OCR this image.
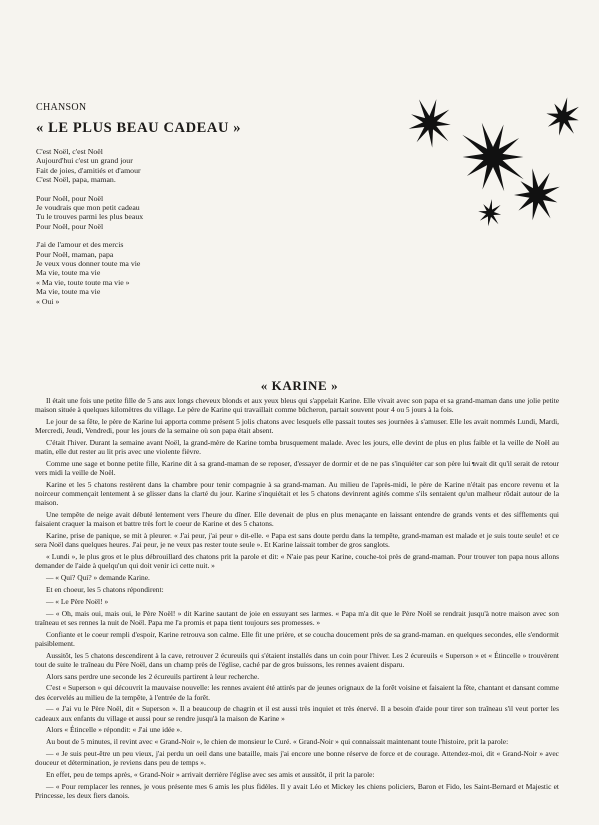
CHANSON
« LE PLUS BEAU CADEAU »
C'est Noël, c'est Noël
Aujourd'hui c'est un grand jour
Fait de joies, d'amitiés et d'amour
C'est Noël, papa, maman.
Pour Noël, pour Noël
Je voudrais que mon petit cadeau
Tu le trouves parmi les plus beaux
Pour Noël, pour Noël
J'ai de l'amour et des mercis
Pour Noël, maman, papa
Je veux vous donner toute ma vie
Ma vie, toute ma vie
« Ma vie, toute toute ma vie »
Ma vie, toute ma vie
« Oui »
« KARINE »

Il était une fois une petite fille de 5 ans aux longs cheveux blonds et aux yeux bleus qui s'appelait Karine. Elle vivait avec son papa et sa grand-maman dans une jolie petite maison située à quelques kilomètres du village. Le père de Karine qui travaillait comme bûcheron, partait souvent pour 4 ou 5 jours à la fois.

Le jour de sa fête, le père de Karine lui apporta comme présent 5 jolis chatons avec lesquels elle passait toutes ses journées à s'amuser. Elle les avait nommés Lundi, Mardi, Mercredi, Jeudi, Vendredi, pour les jours de la semaine où son papa était absent.

C'était l'hiver. Durant la semaine avant Noël, la grand-mère de Karine tomba brusquement malade. Avec les jours, elle devint de plus en plus faible et la veille de Noël au matin, elle dut rester au lit pris avec une violente fièvre.

Comme une sage et bonne petite fille, Karine dit à sa grand-maman de se reposer, d'essayer de dormir et de ne pas s'inquiéter car son père lui avait dit qu'il serait de retour vers midi la veille de Noël.

Karine et les 5 chatons restèrent dans la chambre pour tenir compagnie à sa grand-maman. Au milieu de l'après-midi, le père de Karine n'était pas encore revenu et la noirceur commençait lentement à se glisser dans la clarté du jour. Karine s'inquiétait et les 5 chatons devinrent agités comme s'ils sentaient qu'un malheur rôdait autour de la maison.

Une tempête de neige avait débuté lentement vers l'heure du dîner. Elle devenait de plus en plus menaçante en laissant entendre de grands vents et des sifflements qui faisaient craquer la maison et battre très fort le coeur de Karine et des 5 chatons.

Karine, prise de panique, se mit à pleurer. « J'ai peur, j'ai peur » dit-elle. « Papa est sans doute perdu dans la tempête, grand-maman est malade et je suis toute seule! et ce sera Noël dans quelques heures. J'ai peur, je ne veux pas rester toute seule ». Et Karine laissait tomber de gros sanglots.

« Lundi », le plus gros et le plus débrouillard des chatons prit la parole et dit: « N'aie pas peur Karine, couche-toi près de grand-maman. Pour trouver ton papa nous allons demander de l'aide à quelqu'un qui doit venir ici cette nuit. »

— « Qui? Qui? » demande Karine.

Et en choeur, les 5 chatons répondirent:

— « Le Père Noël! »

— « Oh, mais oui, mais oui, le Père Noël! » dit Karine sautant de joie en essuyant ses larmes. « Papa m'a dit que le Père Noël se rendrait jusqu'à notre maison avec son traîneau et ses rennes la nuit de Noël. Papa me l'a promis et papa tient toujours ses promesses. »

Confiante et le coeur rempli d'espoir, Karine retrouva son calme. Elle fit une prière, et se coucha doucement près de sa grand-maman. en quelques secondes, elle s'endormit paisiblement.

Aussitôt, les 5 chatons descendirent à la cave, retrouver 2 écureuils qui s'étaient installés dans un coin pour l'hiver. Les 2 écureuils « Superson » et « Étincelle » trouvèrent tout de suite le traîneau du Père Noël, dans un champ près de l'église, caché par de gros buissons, les rennes avaient disparu.

Alors sans perdre une seconde les 2 écureuils partirent à leur recherche.

C'est « Superson » qui découvrit la mauvaise nouvelle: les rennes avaient été attirés par de jeunes orignaux de la forêt voisine et faisaient la fête, chantant et dansant comme des écervelés au milieu de la tempête, à l'entrée de la forêt.

— « J'ai vu le Père Noël, dit « Superson ». Il a beaucoup de chagrin et il est aussi très inquiet et très énervé. Il a besoin d'aide pour tirer son traîneau s'il veut porter les cadeaux aux enfants du village et aussi pour se rendre jusqu'à la maison de Karine »

Alors « Étincelle » répondit: « J'ai une idée ».

Au bout de 5 minutes, il revint avec « Grand-Noir », le chien de monsieur le Curé. « Grand-Noir » qui connaissait maintenant toute l'histoire, prit la parole:

— « Je suis peut-être un peu vieux, j'ai perdu un oeil dans une bataille, mais j'ai encore une bonne réserve de force et de courage. Attendez-moi, dit « Grand-Noir » avec douceur et détermination, je reviens dans peu de temps ».

En effet, peu de temps après, « Grand-Noir » arrivait derrière l'église avec ses amis et aussitôt, il prit la parole:

— « Pour remplacer les rennes, je vous présente mes 6 amis les plus fidèles. Il y avait Léo et Mickey les chiens policiers, Baron et Fido, les Saint-Bernard et Majestic et Princesse, les deux fiers danois.
